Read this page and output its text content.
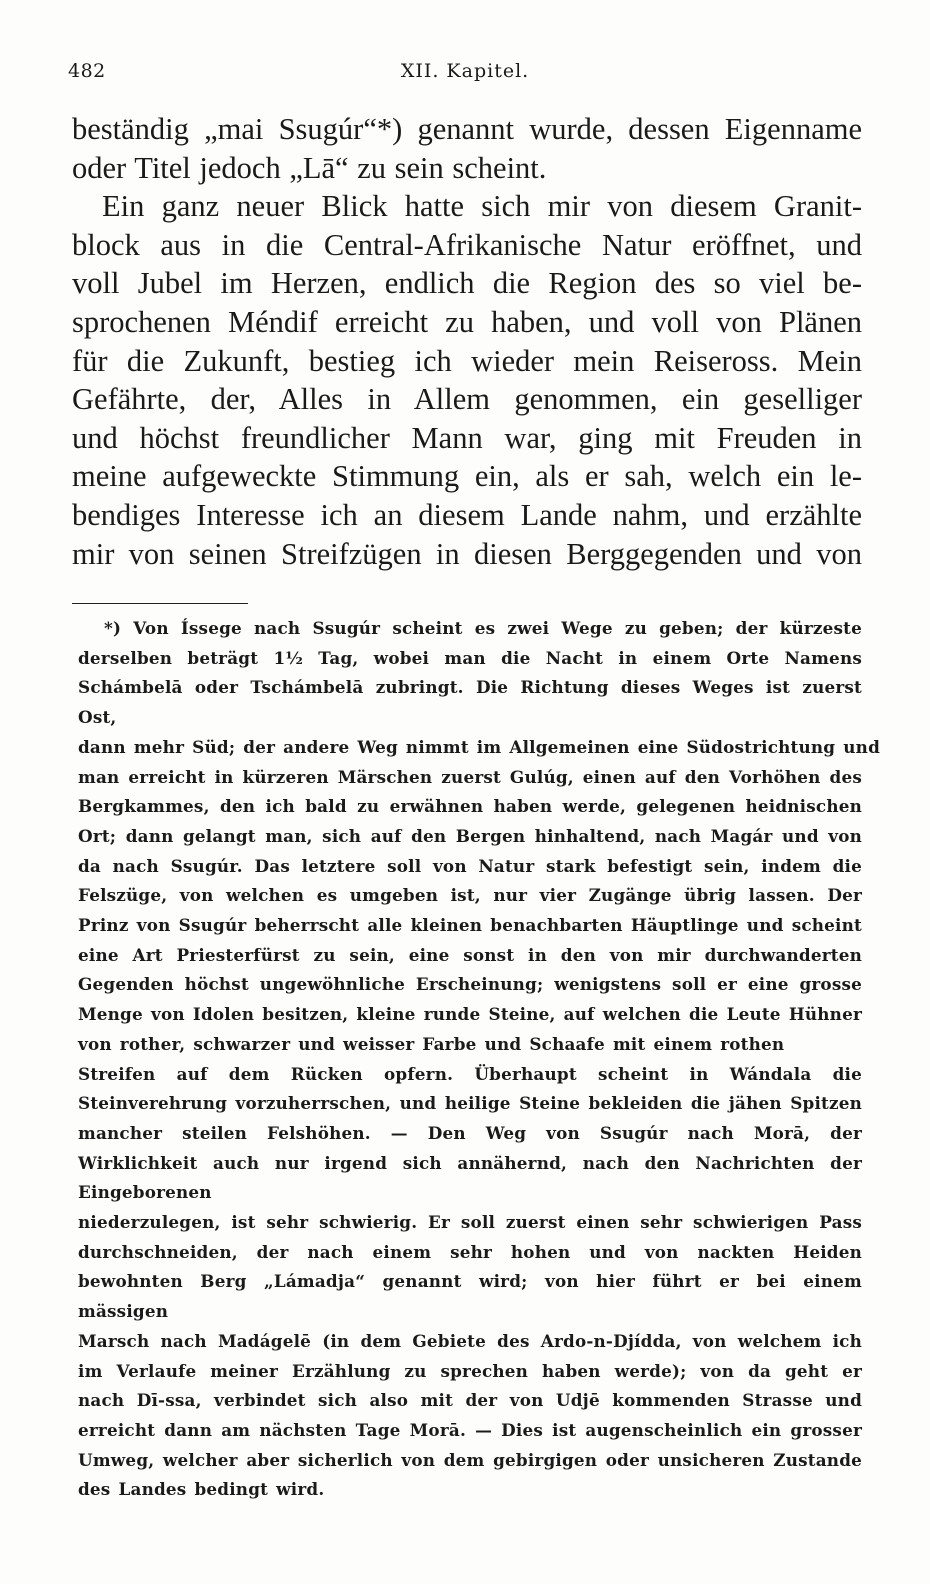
482	XII. Kapitel.
beständig „mai Ssugúr“*) genannt wurde, dessen Eigenname
oder Titel jedoch „Lā“ zu sein scheint.
Ein ganz neuer Blick hatte sich mir von diesem Granit-
block aus in die Central-Afrikanische Natur eröffnet, und
voll Jubel im Herzen, endlich die Region des so viel be-
sprochenen Méndif erreicht zu haben, und voll von Plänen
für die Zukunft, bestieg ich wieder mein Reiseross. Mein
Gefährte, der, Alles in Allem genommen, ein geselliger
und höchst freundlicher Mann war, ging mit Freuden in
meine aufgeweckte Stimmung ein, als er sah, welch ein le-
bendiges Interesse ich an diesem Lande nahm, und erzählte
mir von seinen Streifzügen in diesen Berggegenden und von
*) Von Íssege nach Ssugúr scheint es zwei Wege zu geben; der kürzeste
derselben beträgt 1½ Tag, wobei man die Nacht in einem Orte Namens Schámbelā oder Tschámbelā zubringt. Die Richtung dieses Weges ist zuerst Ost,
dann mehr Süd; der andere Weg nimmt im Allgemeinen eine Südostrichtung und
man erreicht in kürzeren Märschen zuerst Gulúg, einen auf den Vorhöhen des
Bergkammes, den ich bald zu erwähnen haben werde, gelegenen heidnischen
Ort; dann gelangt man, sich auf den Bergen hinhaltend, nach Magár und von
da nach Ssugúr. Das letztere soll von Natur stark befestigt sein, indem die
Felszüge, von welchen es umgeben ist, nur vier Zugänge übrig lassen. Der
Prinz von Ssugúr beherrscht alle kleinen benachbarten Häuptlinge und scheint
eine Art Priesterfürst zu sein, eine sonst in den von mir durchwanderten
Gegenden höchst ungewöhnliche Erscheinung; wenigstens soll er eine grosse
Menge von Idolen besitzen, kleine runde Steine, auf welchen die Leute Hühner von rother, schwarzer und weisser Farbe und Schaafe mit einem rothen
Streifen auf dem Rücken opfern. Überhaupt scheint in Wándala die Steinverehrung vorzuherrschen, und heilige Steine bekleiden die jähen Spitzen mancher steilen Felshöhen. — Den Weg von Ssugúr nach Morā, der Wirklichkeit auch nur irgend sich annähernd, nach den Nachrichten der Eingeborenen
niederzulegen, ist sehr schwierig. Er soll zuerst einen sehr schwierigen Pass
durchschneiden, der nach einem sehr hohen und von nackten Heiden bewohnten Berg „Lámadja“ genannt wird; von hier führt er bei einem mässigen
Marsch nach Madágelē (in dem Gebiete des Ardo-n-Djídda, von welchem ich
im Verlaufe meiner Erzählung zu sprechen haben werde); von da geht er
nach Dī-ssa, verbindet sich also mit der von Udjē kommenden Strasse und
erreicht dann am nächsten Tage Morā. — Dies ist augenscheinlich ein grosser
Umweg, welcher aber sicherlich von dem gebirgigen oder unsicheren Zustande
des Landes bedingt wird.
